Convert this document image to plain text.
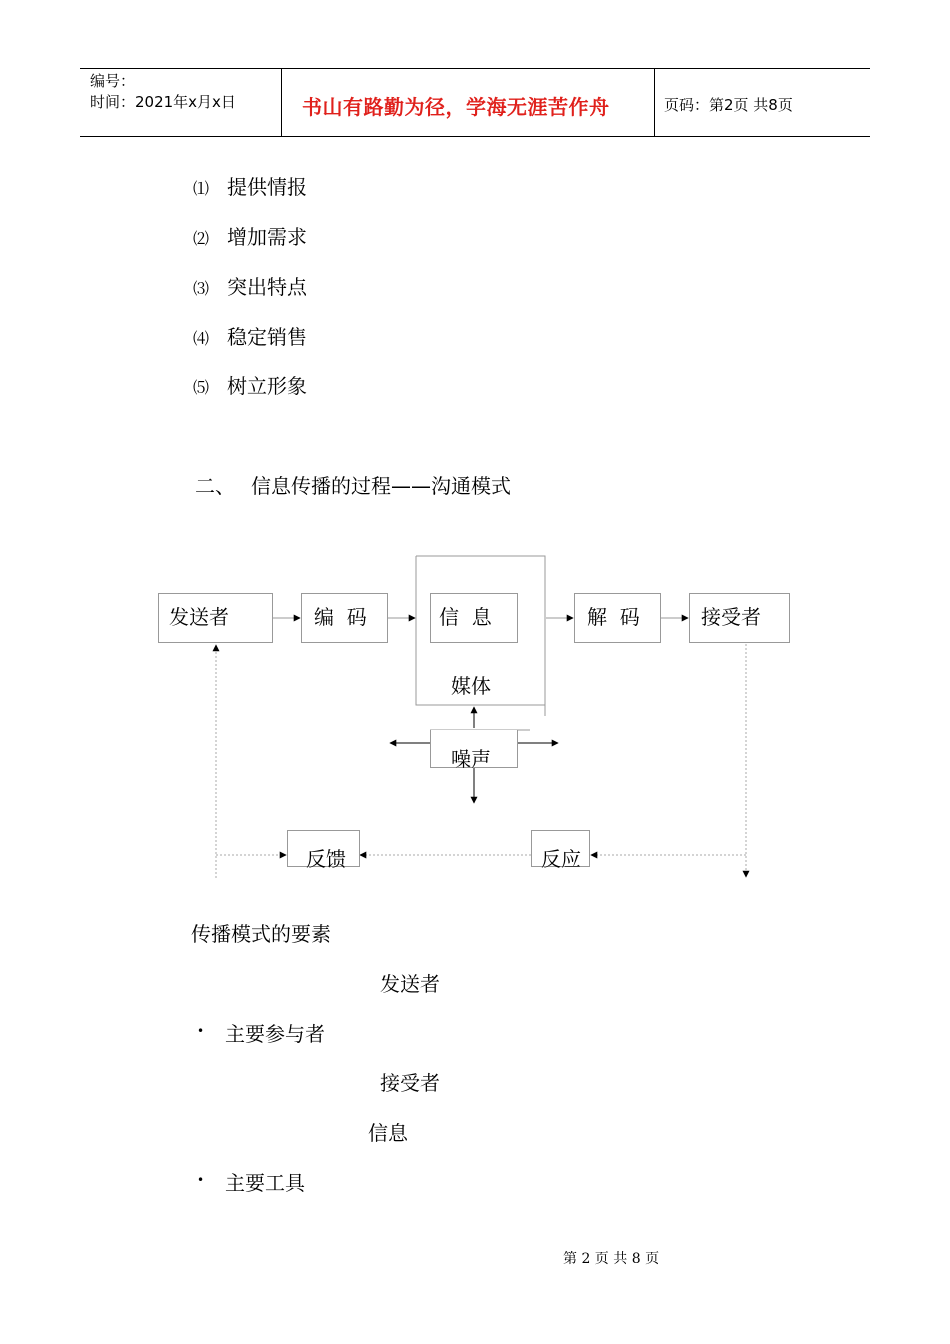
编号：
时间：2021年x月x日	书山有路勤为径，学海无涯苦作舟	页码：第2页 共8页
⑴ 提供情报
⑵ 增加需求
⑶ 突出特点
⑷ 稳定销售
⑸ 树立形象
二、 信息传播的过程——沟通模式
发送者	编  码	信  息
媒体
解  码	接受者
噪声
反馈	反应
传播模式的要素
• 主要参与者
发送者
接受者
• 主要工具
信息
第 2 页 共 8 页
